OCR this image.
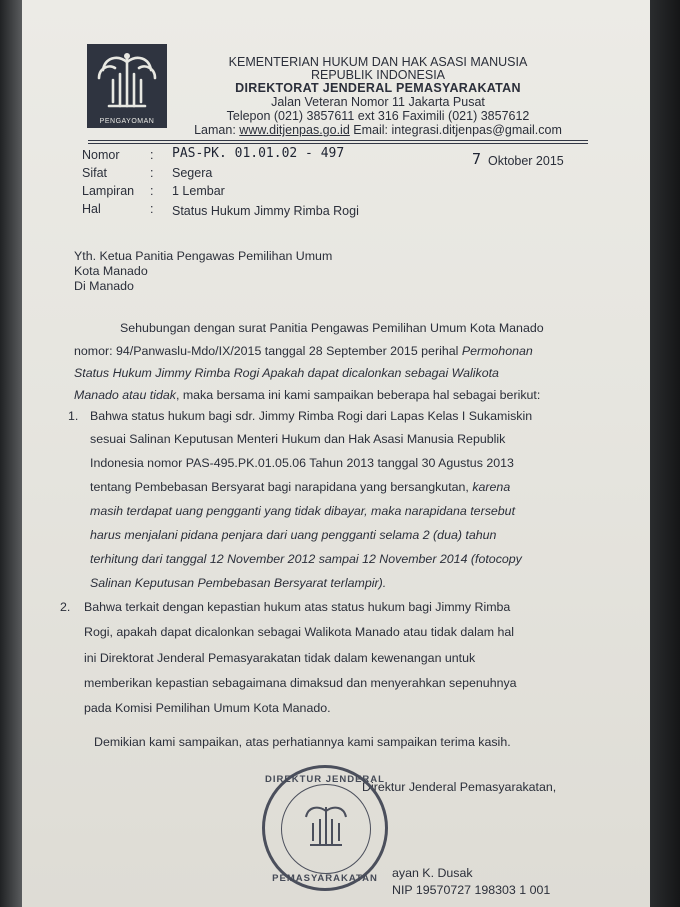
PENGAYOMAN
KEMENTERIAN HUKUM DAN HAK ASASI MANUSIA
REPUBLIK INDONESIA
DIREKTORAT JENDERAL PEMASYARAKATAN
Jalan Veteran Nomor 11 Jakarta Pusat
Telepon (021) 3857611 ext 316 Faximili (021) 3857612
Laman: www.ditjenpas.go.id Email: integrasi.ditjenpas@gmail.com
Nomor : PAS-PK. 01.01.02 - 497	7 Oktober 2015
Sifat	: Segera
Lampiran : 1 Lembar
Hal	: Status Hukum Jimmy Rimba Rogi
Yth. Ketua Panitia Pengawas Pemilihan Umum
Kota Manado
Di Manado
Sehubungan dengan surat Panitia Pengawas Pemilihan Umum Kota Manado
nomor: 94/Panwaslu-Mdo/IX/2015 tanggal 28 September 2015 perihal Permohonan
Status Hukum Jimmy Rimba Rogi Apakah dapat dicalonkan sebagai Walikota
Manado atau tidak, maka bersama ini kami sampaikan beberapa hal sebagai berikut:
1. Bahwa status hukum bagi sdr. Jimmy Rimba Rogi dari Lapas Kelas I Sukamiskin
sesuai Salinan Keputusan Menteri Hukum dan Hak Asasi Manusia Republik
Indonesia nomor PAS-495.PK.01.05.06 Tahun 2013 tanggal 30 Agustus 2013
tentang Pembebasan Bersyarat bagi narapidana yang bersangkutan, karena
masih terdapat uang pengganti yang tidak dibayar, maka narapidana tersebut
harus menjalani pidana penjara dari uang pengganti selama 2 (dua) tahun
terhitung dari tanggal 12 November 2012 sampai 12 November 2014 (fotocopy
Salinan Keputusan Pembebasan Bersyarat terlampir).
2. Bahwa terkait dengan kepastian hukum atas status hukum bagi Jimmy Rimba
Rogi, apakah dapat dicalonkan sebagai Walikota Manado atau tidak dalam hal
ini Direktorat Jenderal Pemasyarakatan tidak dalam kewenangan untuk
memberikan kepastian sebagaimana dimaksud dan menyerahkan sepenuhnya
pada Komisi Pemilihan Umum Kota Manado.
Demikian kami sampaikan, atas perhatiannya kami sampaikan terima kasih.
Direktur Jenderal Pemasyarakatan,
DIREKTUR JENDERAL
PEMASYARAKATAN	ayan K. Dusak
NIP 19570727 198303 1 001
